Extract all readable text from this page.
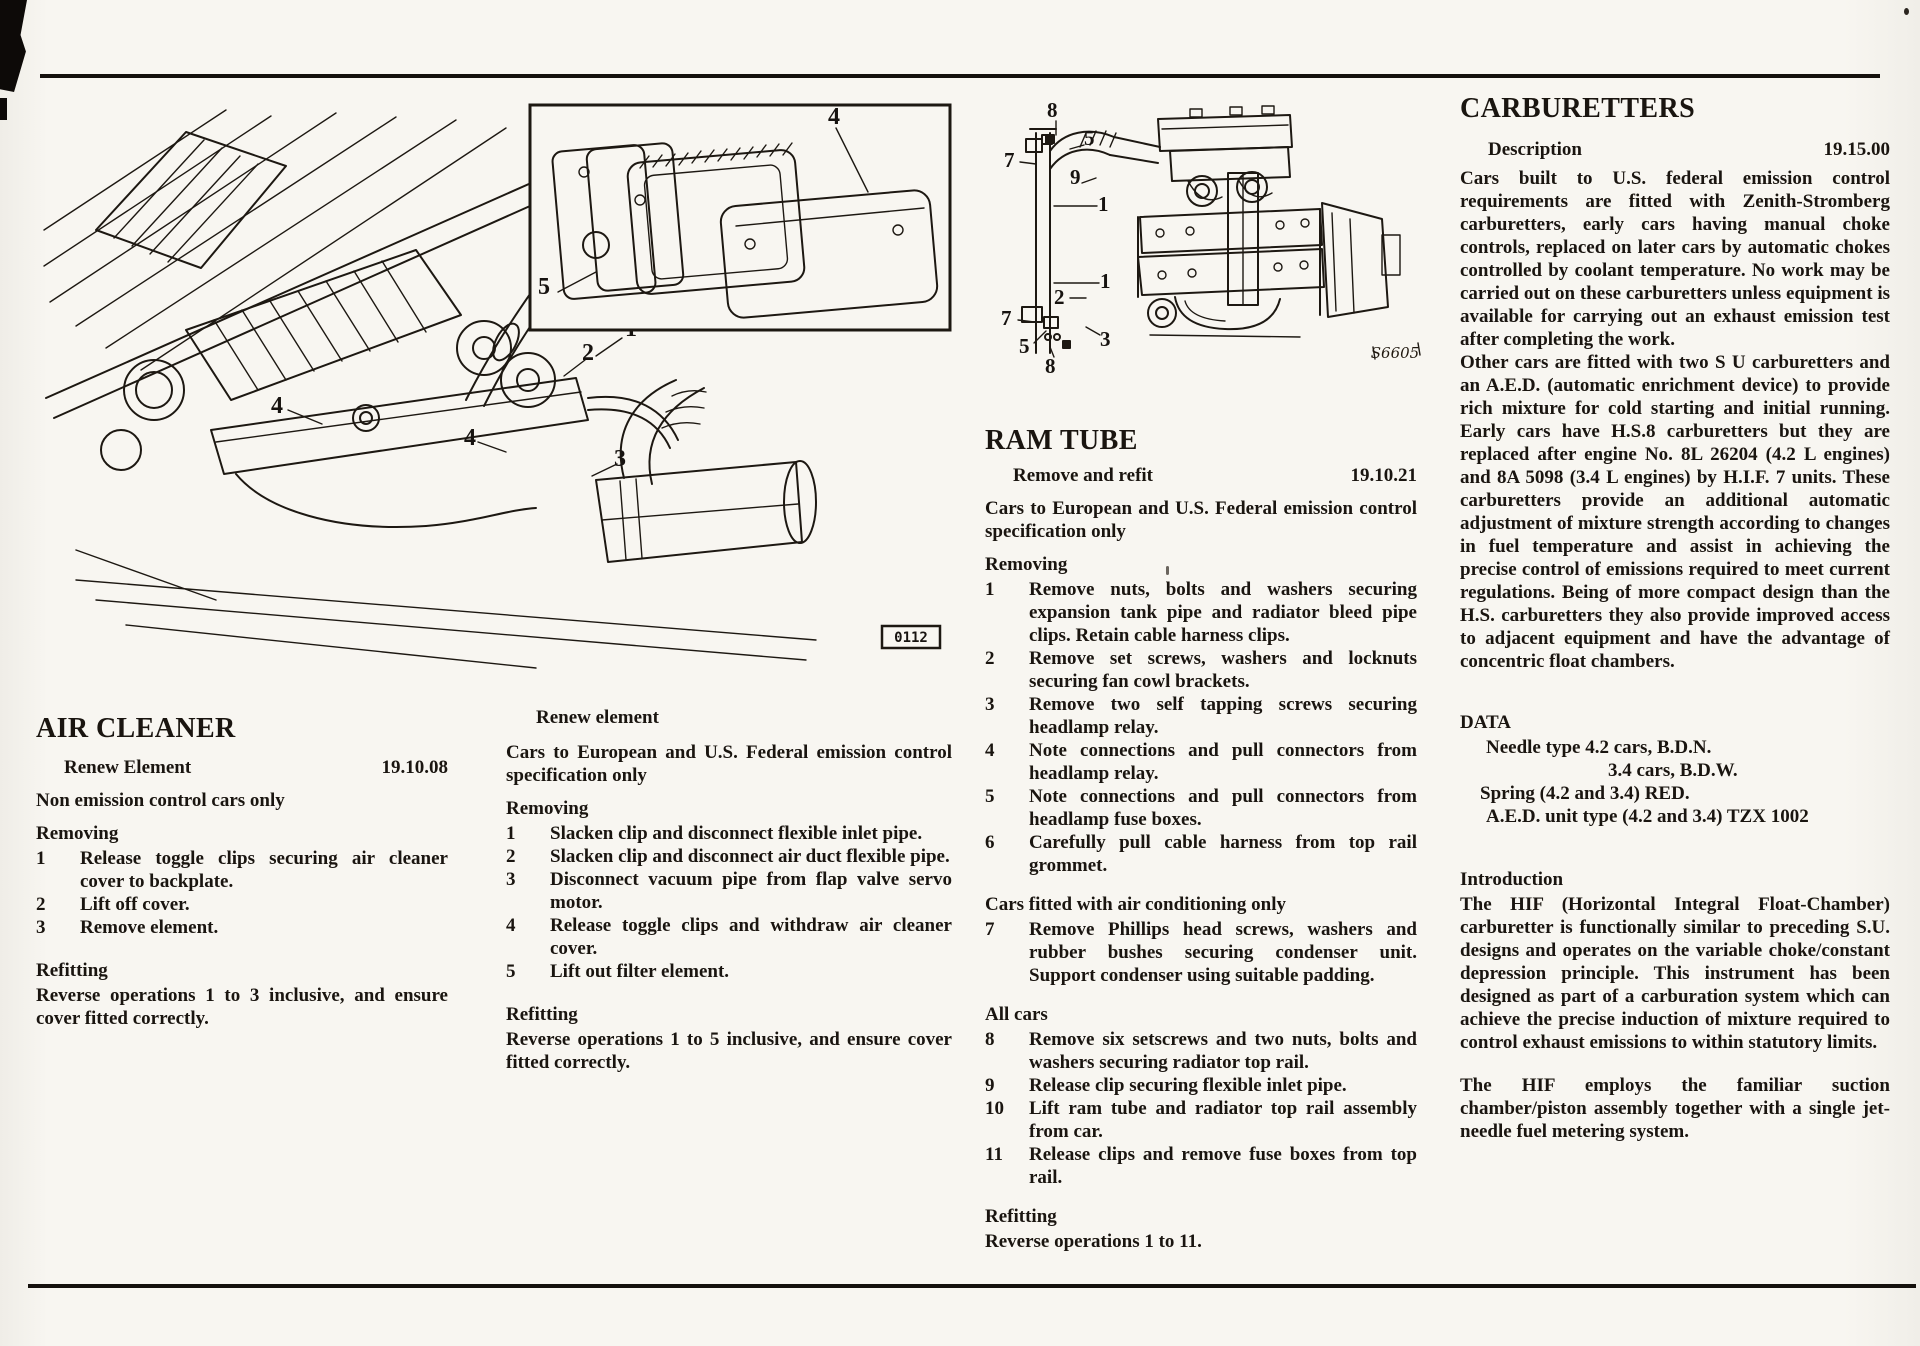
2
3
4
4
4
5
0112
8
5
7
9
1
1
2
7
5	3
8
S6605
AIR CLEANER
Renew Element	19.10.08
Non emission control cars only
Removing
1	Release toggle clips securing air cleaner cover to backplate.
2	Lift off cover.
3	Remove element.
Refitting
Reverse operations 1 to 3 inclusive, and ensure cover fitted correctly.
Renew element
Cars to European and U.S. Federal emission control specification only
Removing
1	Slacken clip and disconnect flexible inlet pipe.
2	Slacken clip and disconnect air duct flexible pipe.
3	Disconnect vacuum pipe from flap valve servo motor.
4	Release toggle clips and withdraw air cleaner cover.
5	Lift out filter element.
Refitting
Reverse operations 1 to 5 inclusive, and ensure cover fitted correctly.
RAM TUBE
Remove and refit	19.10.21
Cars to European and U.S. Federal emission control specification only
Removing
1	Remove nuts, bolts and washers securing expansion tank pipe and radiator bleed pipe clips. Retain cable harness clips.
2	Remove set screws, washers and locknuts securing fan cowl brackets.
3	Remove two self tapping screws securing headlamp relay.
4	Note connections and pull connectors from headlamp relay.
5	Note connections and pull connectors from headlamp fuse boxes.
6	Carefully pull cable harness from top rail grommet.
Cars fitted with air conditioning only
7	Remove Phillips head screws, washers and rubber bushes securing condenser unit. Support condenser using suitable padding.
All cars
8	Remove six setscrews and two nuts, bolts and washers securing radiator top rail.
9	Release clip securing flexible inlet pipe.
10	Lift ram tube and radiator top rail assembly from car.
11	Release clips and remove fuse boxes from top rail.
Refitting
Reverse operations 1 to 11.
CARBURETTERS
Description	19.15.00
Cars built to U.S. federal emission control requirements are fitted with Zenith-Stromberg carburetters, early cars having manual choke controls, replaced on later cars by automatic chokes controlled by coolant temperature. No work may be carried out on these carburetters unless equipment is available for carrying out an exhaust emission test after completing the work.
Other cars are fitted with two S U carburetters and an A.E.D. (automatic enrichment device) to provide rich mixture for cold starting and initial running. Early cars have H.S.8 carburetters but they are replaced after engine No. 8L 26204 (4.2 L engines) and 8A 5098 (3.4 L engines) by H.I.F. 7 units. These carburetters provide an additional automatic adjustment of mixture strength according to changes in fuel temperature and assist in achieving the precise control of emissions required to meet current regulations. Being of more compact design than the H.S. carburetters they also provide improved access to adjacent equipment and have the advantage of concentric float chambers.
DATA
Needle type 4.2 cars, B.D.N.
3.4 cars, B.D.W.
Spring (4.2 and 3.4) RED.
A.E.D. unit type (4.2 and 3.4) TZX 1002
Introduction
The HIF (Horizontal Integral Float-Chamber) carburetter is functionally similar to preceding S.U. designs and operates on the variable choke/constant depression principle. This instrument has been designed as part of a carburation system which can achieve the precise induction of mixture required to control exhaust emissions to within statutory limits.
The HIF employs the familiar suction chamber/piston assembly together with a single jet-needle fuel metering system.
